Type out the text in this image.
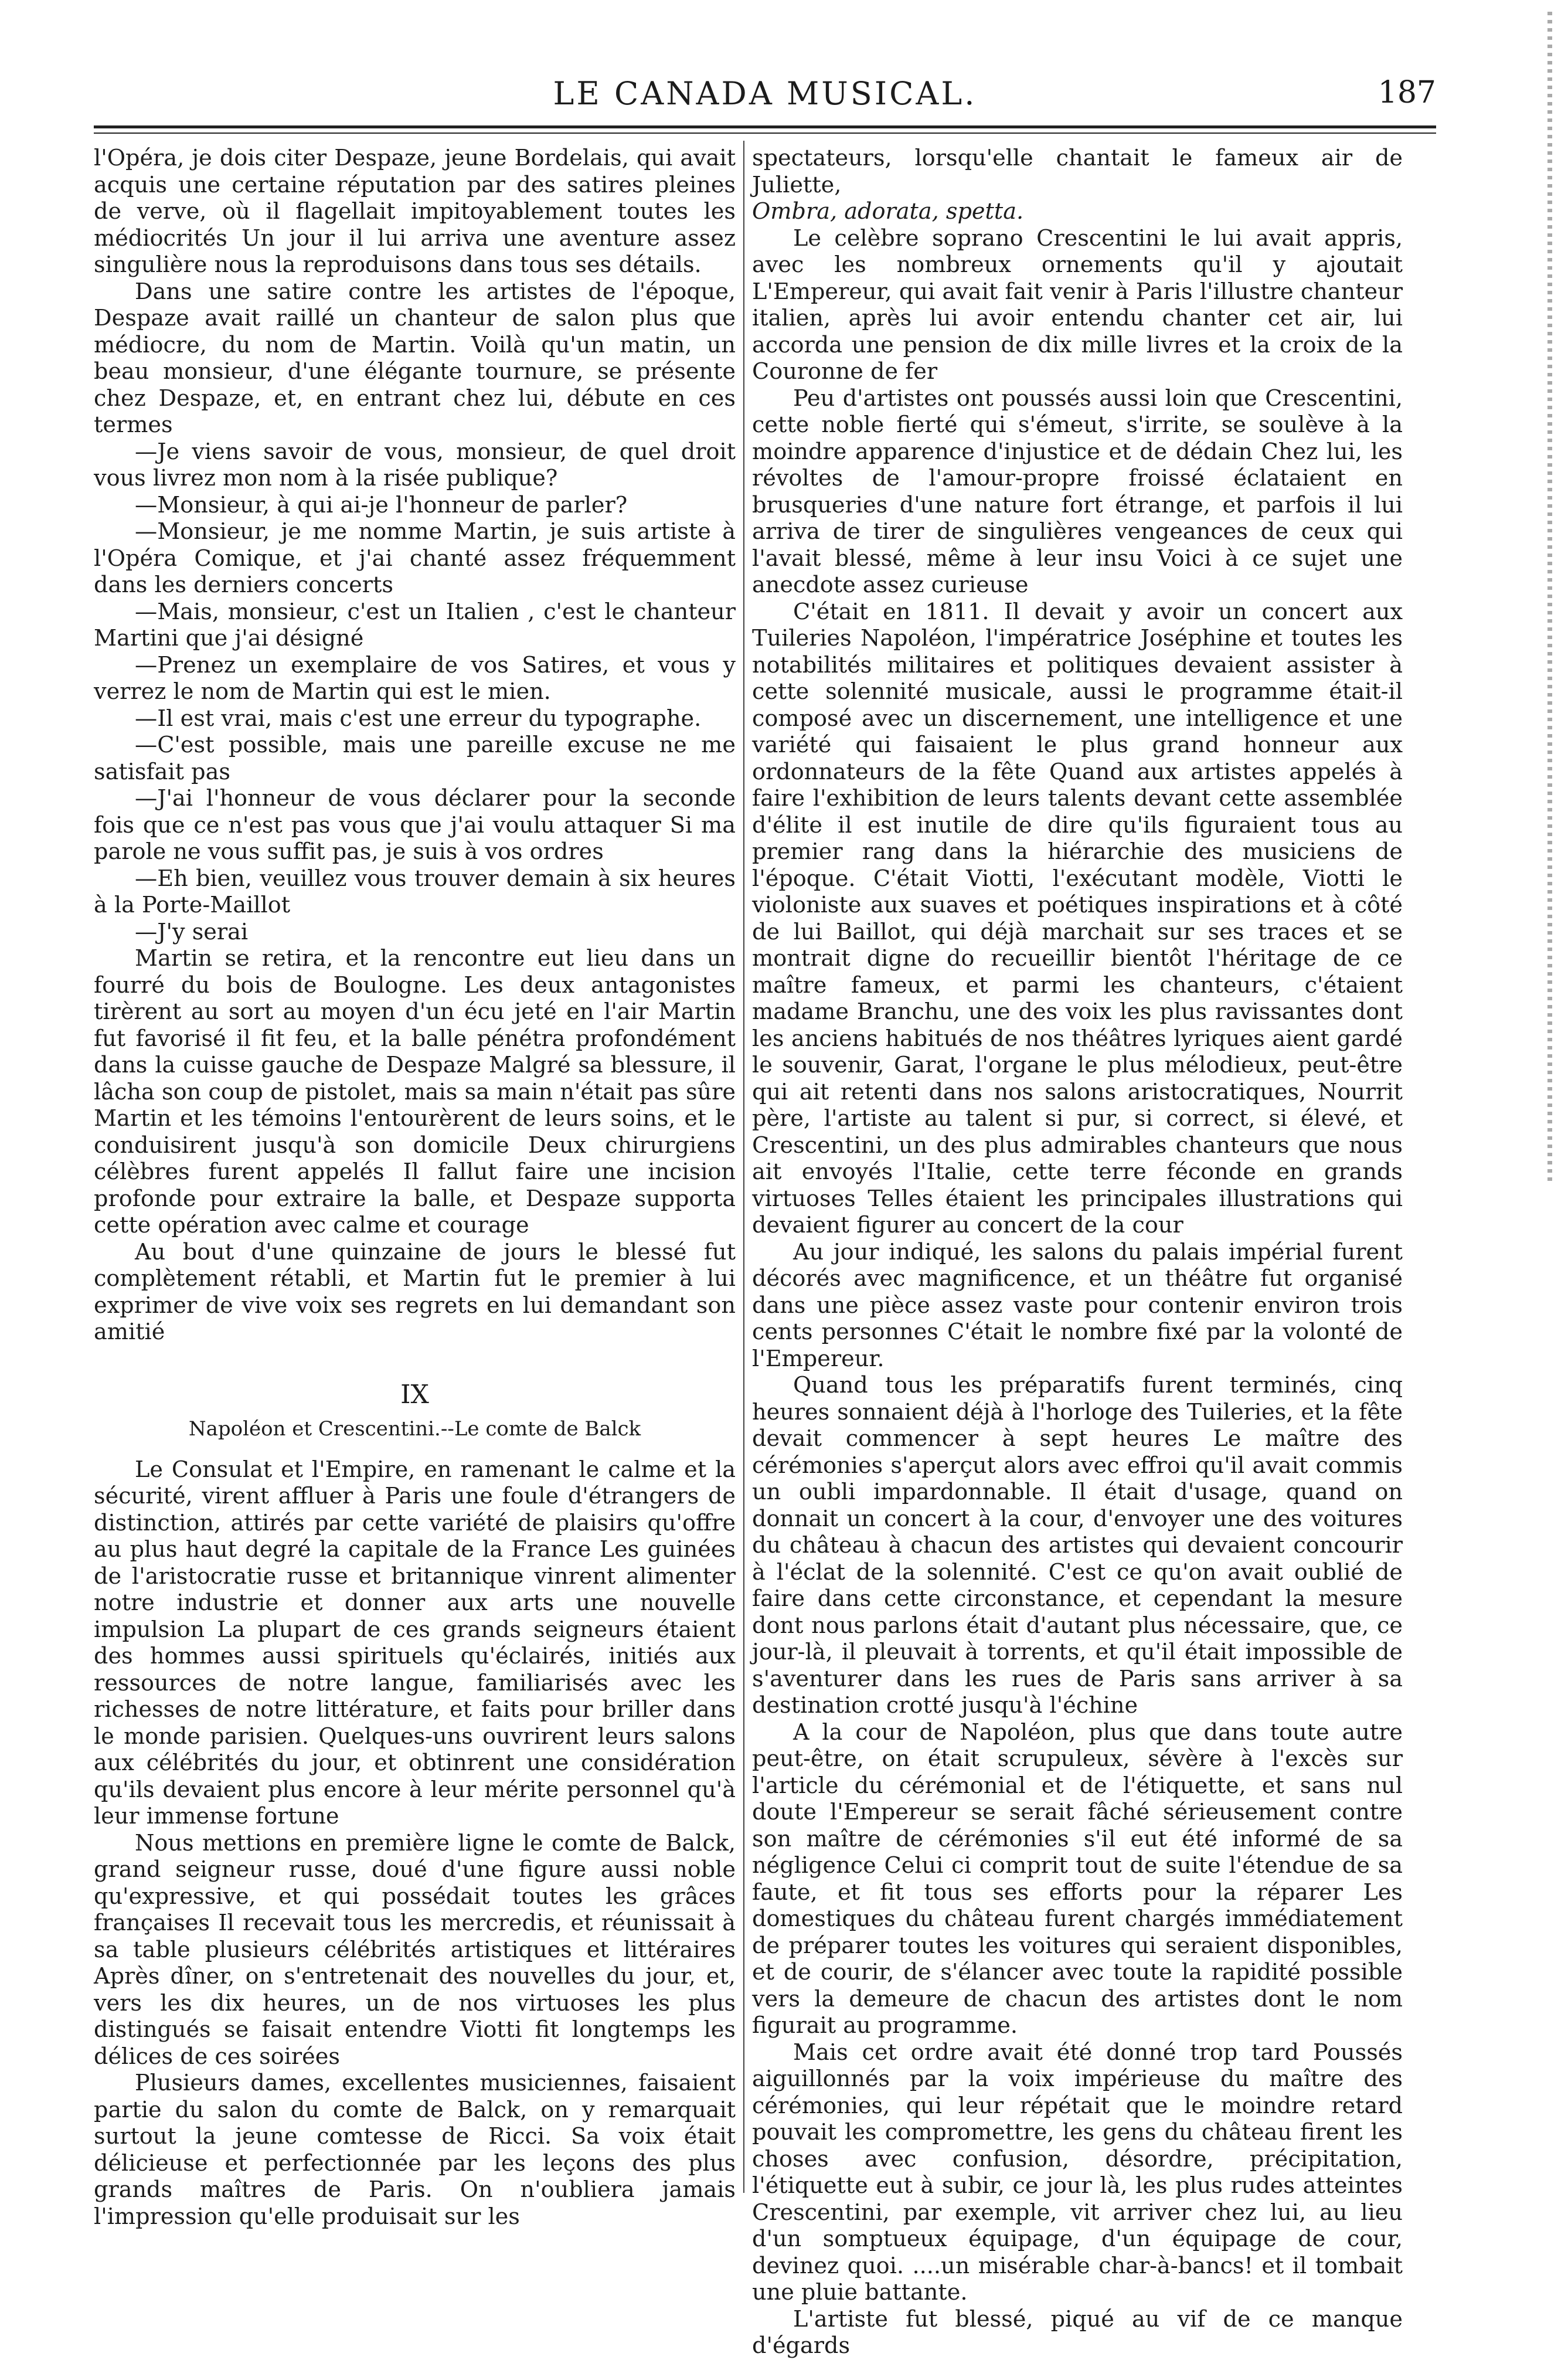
LE CANADA MUSICAL.	187

l'Opéra, je dois citer Despaze, jeune Bordelais, qui avait acquis une certaine réputation par des satires pleines de verve, où il flagellait impitoyablement toutes les médiocrités Un jour il lui arriva une aventure assez singulière nous la reproduisons dans tous ses détails.

Dans une satire contre les artistes de l'époque, Despaze avait raillé un chanteur de salon plus que médiocre, du nom de Martin. Voilà qu'un matin, un beau monsieur, d'une élégante tournure, se présente chez Despaze, et, en entrant chez lui, débute en ces termes

—Je viens savoir de vous, monsieur, de quel droit vous livrez mon nom à la risée publique?

—Monsieur, à qui ai-je l'honneur de parler?

—Monsieur, je me nomme Martin, je suis artiste à l'Opéra Comique, et j'ai chanté assez fréquemment dans les derniers concerts

—Mais, monsieur, c'est un Italien , c'est le chanteur Martini que j'ai désigné

—Prenez un exemplaire de vos Satires, et vous y verrez le nom de Martin qui est le mien.

—Il est vrai, mais c'est une erreur du typographe.

—C'est possible, mais une pareille excuse ne me satisfait pas

—J'ai l'honneur de vous déclarer pour la seconde fois que ce n'est pas vous que j'ai voulu attaquer Si ma parole ne vous suffit pas, je suis à vos ordres

—Eh bien, veuillez vous trouver demain à six heures à la Porte-Maillot

—J'y serai

Martin se retira, et la rencontre eut lieu dans un fourré du bois de Boulogne. Les deux antagonistes tirèrent au sort au moyen d'un écu jeté en l'air Martin fut favorisé il fit feu, et la balle pénétra profondément dans la cuisse gauche de Despaze Malgré sa blessure, il lâcha son coup de pistolet, mais sa main n'était pas sûre Martin et les témoins l'entourèrent de leurs soins, et le conduisirent jusqu'à son domicile Deux chirurgiens célèbres furent appelés Il fallut faire une incision profonde pour extraire la balle, et Despaze supporta cette opération avec calme et courage

Au bout d'une quinzaine de jours le blessé fut complètement rétabli, et Martin fut le premier à lui exprimer de vive voix ses regrets en lui demandant son amitié

IX
Napoléon et Crescentini.--Le comte de Balck

Le Consulat et l'Empire, en ramenant le calme et la sécurité, virent affluer à Paris une foule d'étrangers de distinction, attirés par cette variété de plaisirs qu'offre au plus haut degré la capitale de la France Les guinées de l'aristocratie russe et britannique vinrent alimenter notre industrie et donner aux arts une nouvelle impulsion La plupart de ces grands seigneurs étaient des hommes aussi spirituels qu'éclairés, initiés aux ressources de notre langue, familiarisés avec les richesses de notre littérature, et faits pour briller dans le monde parisien. Quelques-uns ouvrirent leurs salons aux célébrités du jour, et obtinrent une considération qu'ils devaient plus encore à leur mérite personnel qu'à leur immense fortune

Nous mettions en première ligne le comte de Balck, grand seigneur russe, doué d'une figure aussi noble qu'expressive, et qui possédait toutes les grâces françaises Il recevait tous les mercredis, et réunissait à sa table plusieurs célébrités artistiques et littéraires Après dîner, on s'entretenait des nouvelles du jour, et, vers les dix heures, un de nos virtuoses les plus distingués se faisait entendre Viotti fit longtemps les délices de ces soirées

Plusieurs dames, excellentes musiciennes, faisaient partie du salon du comte de Balck, on y remarquait surtout la jeune comtesse de Ricci. Sa voix était délicieuse et perfectionnée par les leçons des plus grands maîtres de Paris. On n'oubliera jamais l'impression qu'elle produisait sur les

spectateurs, lorsqu'elle chantait le fameux air de Juliette,

Ombra, adorata, spetta.

Le celèbre soprano Crescentini le lui avait appris, avec les nombreux ornements qu'il y ajoutait L'Empereur, qui avait fait venir à Paris l'illustre chanteur italien, après lui avoir entendu chanter cet air, lui accorda une pension de dix mille livres et la croix de la Couronne de fer

Peu d'artistes ont poussés aussi loin que Crescentini, cette noble fierté qui s'émeut, s'irrite, se soulève à la moindre apparence d'injustice et de dédain Chez lui, les révoltes de l'amour-propre froissé éclataient en brusqueries d'une nature fort étrange, et parfois il lui arriva de tirer de singulières vengeances de ceux qui l'avait blessé, même à leur insu Voici à ce sujet une anecdote assez curieuse

C'était en 1811. Il devait y avoir un concert aux Tuileries Napoléon, l'impératrice Joséphine et toutes les notabilités militaires et politiques devaient assister à cette solennité musicale, aussi le programme était-il composé avec un discernement, une intelligence et une variété qui faisaient le plus grand honneur aux ordonnateurs de la fête Quand aux artistes appelés à faire l'exhibition de leurs talents devant cette assemblée d'élite il est inutile de dire qu'ils figuraient tous au premier rang dans la hiérarchie des musiciens de l'époque. C'était Viotti, l'exécutant modèle, Viotti le violoniste aux suaves et poétiques inspirations et à côté de lui Baillot, qui déjà marchait sur ses traces et se montrait digne do recueillir bientôt l'héritage de ce maître fameux, et parmi les chanteurs, c'étaient madame Branchu, une des voix les plus ravissantes dont les anciens habitués de nos théâtres lyriques aient gardé le souvenir, Garat, l'organe le plus mélodieux, peut-être qui ait retenti dans nos salons aristocratiques, Nourrit père, l'artiste au talent si pur, si correct, si élevé, et Crescentini, un des plus admirables chanteurs que nous ait envoyés l'Italie, cette terre féconde en grands virtuoses Telles étaient les principales illustrations qui devaient figurer au concert de la cour

Au jour indiqué, les salons du palais impérial furent décorés avec magnificence, et un théâtre fut organisé dans une pièce assez vaste pour contenir environ trois cents personnes C'était le nombre fixé par la volonté de l'Empereur.

Quand tous les préparatifs furent terminés, cinq heures sonnaient déjà à l'horloge des Tuileries, et la fête devait commencer à sept heures Le maître des cérémonies s'aperçut alors avec effroi qu'il avait commis un oubli impardonnable. Il était d'usage, quand on donnait un concert à la cour, d'envoyer une des voitures du château à chacun des artistes qui devaient concourir à l'éclat de la solennité. C'est ce qu'on avait oublié de faire dans cette circonstance, et cependant la mesure dont nous parlons était d'autant plus nécessaire, que, ce jour-là, il pleuvait à torrents, et qu'il était impossible de s'aventurer dans les rues de Paris sans arriver à sa destination crotté jusqu'à l'échine

A la cour de Napoléon, plus que dans toute autre peut-être, on était scrupuleux, sévère à l'excès sur l'article du cérémonial et de l'étiquette, et sans nul doute l'Empereur se serait fâché sérieusement contre son maître de cérémonies s'il eut été informé de sa négligence Celui ci comprit tout de suite l'étendue de sa faute, et fit tous ses efforts pour la réparer Les domestiques du château furent chargés immédiatement de préparer toutes les voitures qui seraient disponibles, et de courir, de s'élancer avec toute la rapidité possible vers la demeure de chacun des artistes dont le nom figurait au programme.

Mais cet ordre avait été donné trop tard Poussés aiguillonnés par la voix impérieuse du maître des cérémonies, qui leur répétait que le moindre retard pouvait les compromettre, les gens du château firent les choses avec confusion, désordre, précipitation, l'étiquette eut à subir, ce jour là, les plus rudes atteintes Crescentini, par exemple, vit arriver chez lui, au lieu d'un somptueux équipage, d'un équipage de cour, devinez quoi. ....un misérable char-à-bancs! et il tombait une pluie battante.

L'artiste fut blessé, piqué au vif de ce manque d'égards
